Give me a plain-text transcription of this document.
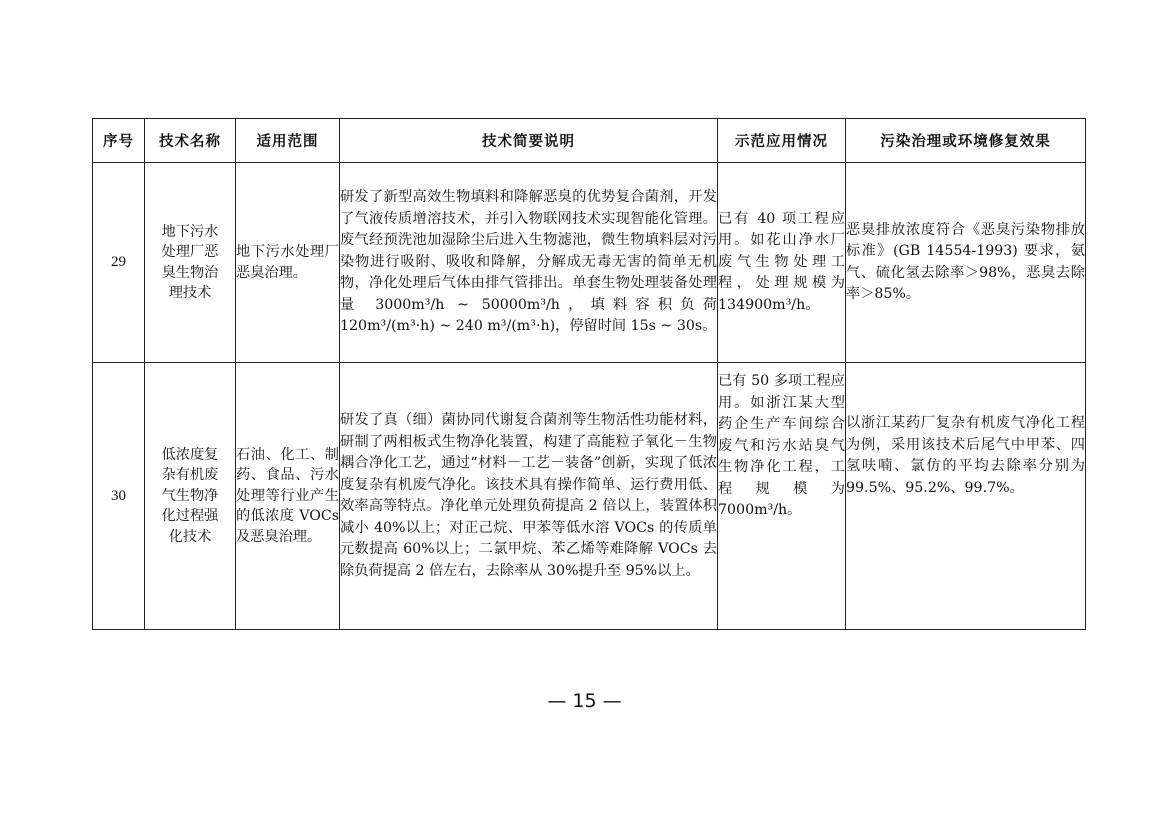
序号	技术名称	适用范围	技术简要说明	示范应用情况	污染治理或环境修复效果
29	地下污水处理厂恶臭生物治理技术	地下污水处理厂恶臭治理。	研发了新型高效生物填料和降解恶臭的优势复合菌剂，开发了气液传质增溶技术，并引入物联网技术实现智能化管理。废气经预洗池加湿除尘后进入生物滤池，微生物填料层对污染物进行吸附、吸收和降解，分解成无毒无害的简单无机物，净化处理后气体由排气管排出。单套生物处理装备处理量 3000m³/h ~ 50000m³/h，填料容积负荷 120m³/(m³·h) ~ 240 m³/(m³·h)，停留时间 15s ~ 30s。	已有 40 项工程应用。如花山净水厂废气生物处理工程，处理规模为 134900m³/h。	恶臭排放浓度符合《恶臭污染物排放标准》(GB 14554-1993) 要求，氨气、硫化氢去除率＞98%，恶臭去除率＞85%。
30	低浓度复杂有机废气生物净化过程强化技术	石油、化工、制药、食品、污水处理等行业产生的低浓度 VOCs 及恶臭治理。	研发了真（细）菌协同代谢复合菌剂等生物活性功能材料，研制了两相板式生物净化装置，构建了高能粒子氧化－生物耦合净化工艺，通过“材料－工艺－装备”创新，实现了低浓度复杂有机废气净化。该技术具有操作简单、运行费用低、效率高等特点。净化单元处理负荷提高 2 倍以上，装置体积减小 40%以上；对正己烷、甲苯等低水溶 VOCs 的传质单元数提高 60%以上；二氯甲烷、苯乙烯等难降解 VOCs 去除负荷提高 2 倍左右，去除率从 30%提升至 95%以上。	已有 50 多项工程应用。如浙江某大型药企生产车间综合废气和污水站臭气生物净化工程，工程规模为 7000m³/h。	以浙江某药厂复杂有机废气净化工程为例，采用该技术后尾气中甲苯、四氢呋喃、氯仿的平均去除率分别为 99.5%、95.2%、99.7%。
— 15 —
